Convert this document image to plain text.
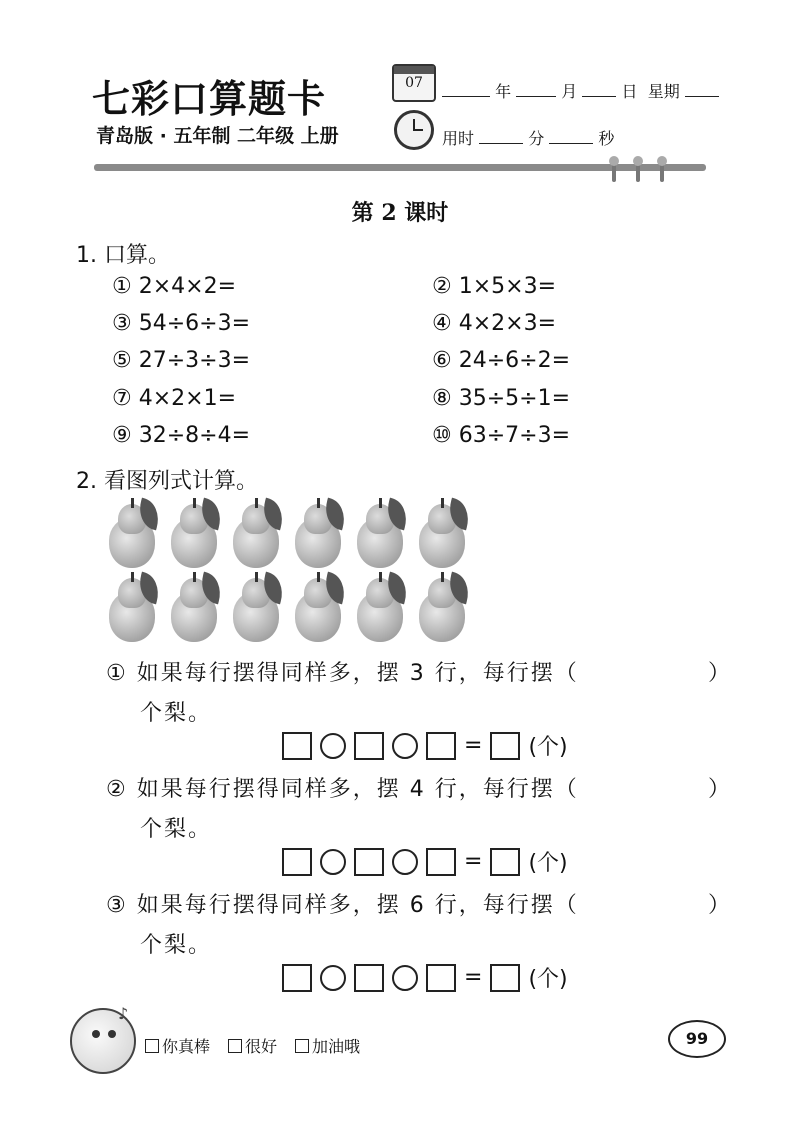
七彩口算题卡
青岛版 · 五年制 二年级 上册
07	年	月	日 星期
用时	分	秒
第 2 课时
1. 口算。
① 2×4×2=	② 1×5×3=
③ 54÷6÷3=	④ 4×2×3=
⑤ 27÷3÷3=	⑥ 24÷6÷2=
⑦ 4×2×1=	⑧ 35÷5÷1=
⑨ 32÷8÷4=	⑩ 63÷7÷3=
2. 看图列式计算。
① 如果每行摆得同样多，摆 3 行，每行摆（	）
个梨。
= (个)
② 如果每行摆得同样多，摆 4 行，每行摆（	）
个梨。
= (个)
③ 如果每行摆得同样多，摆 6 行，每行摆（	）
个梨。
= (个)
♪
你真棒	很好	加油哦	99
